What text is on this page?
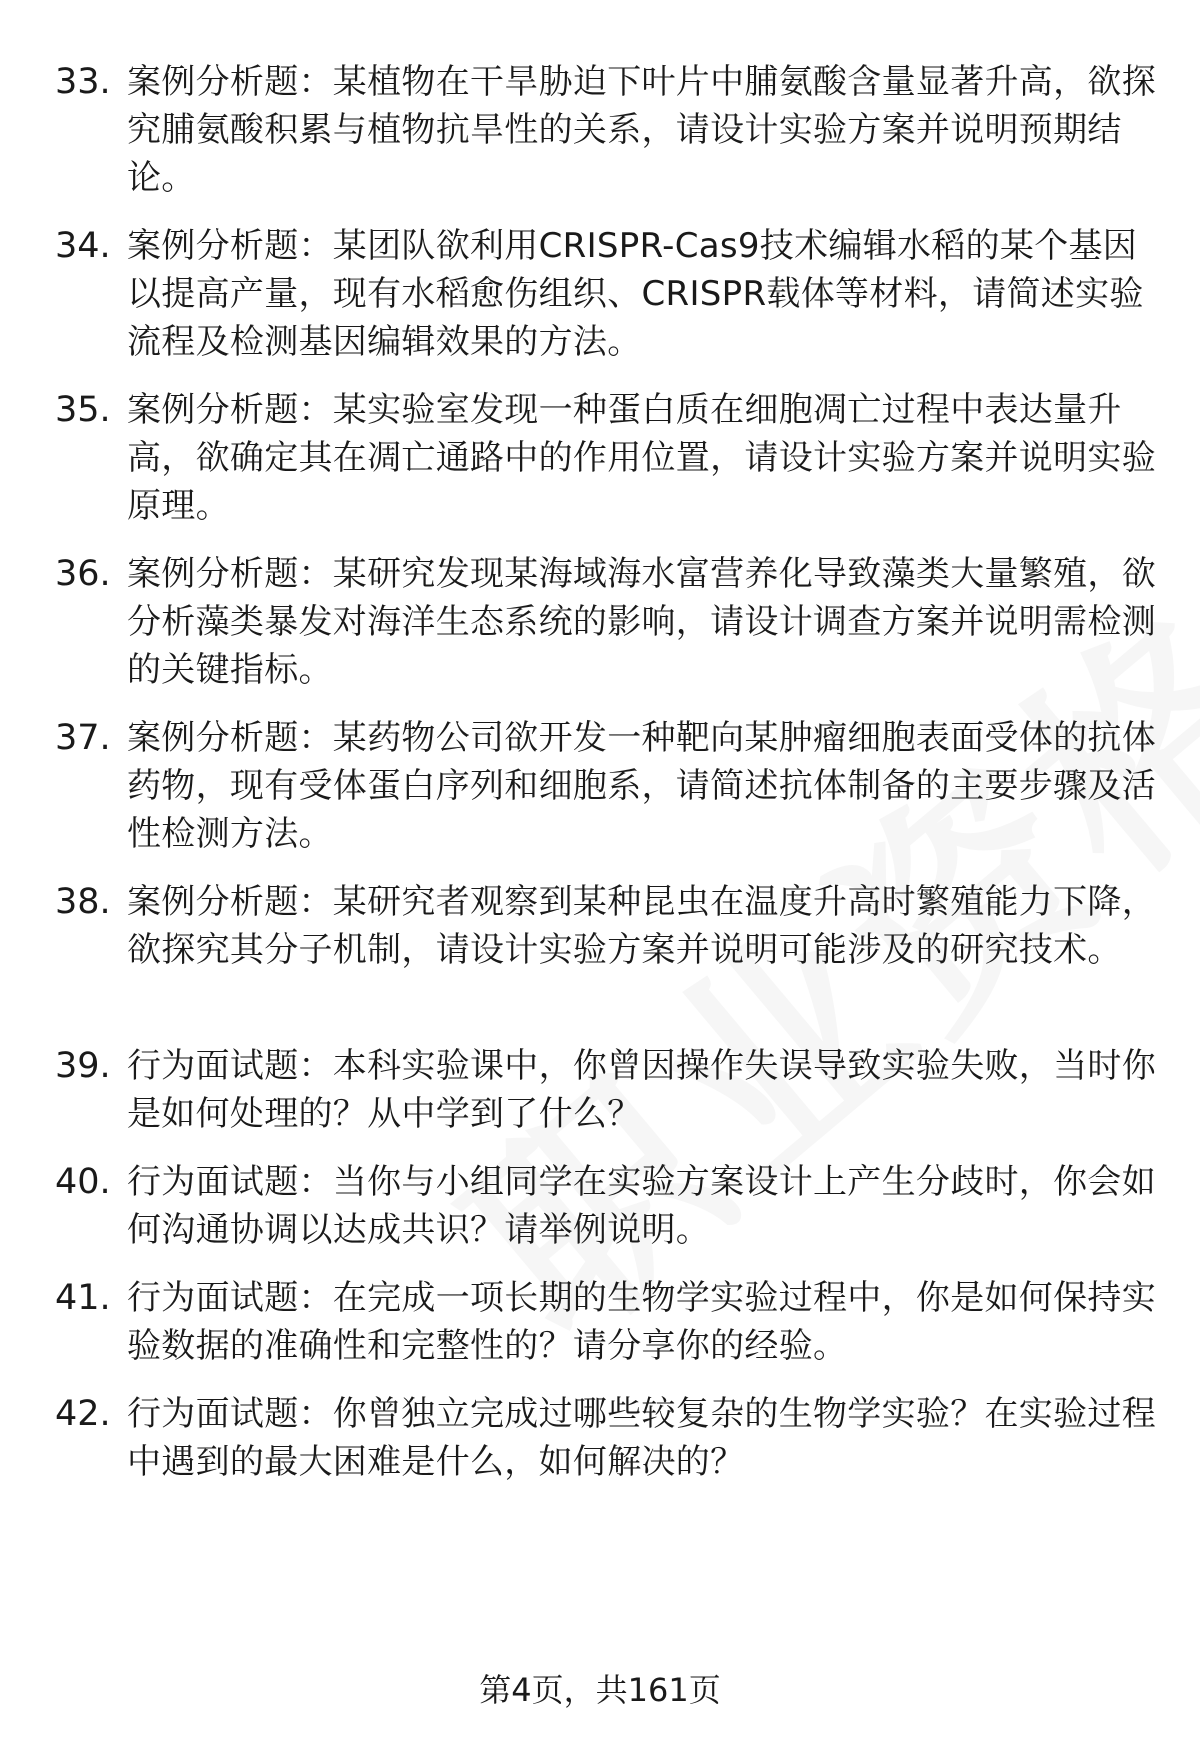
33. 案例分析题：某植物在干旱胁迫下叶片中脯氨酸含量显著升高，欲探究脯氨酸积累与植物抗旱性的关系，请设计实验方案并说明预期结论。
34. 案例分析题：某团队欲利用CRISPR-Cas9技术编辑水稻的某个基因以提高产量，现有水稻愈伤组织、CRISPR载体等材料，请简述实验流程及检测基因编辑效果的方法。
35. 案例分析题：某实验室发现一种蛋白质在细胞凋亡过程中表达量升高，欲确定其在凋亡通路中的作用位置，请设计实验方案并说明实验原理。
36. 案例分析题：某研究发现某海域海水富营养化导致藻类大量繁殖，欲分析藻类暴发对海洋生态系统的影响，请设计调查方案并说明需检测的关键指标。
37. 案例分析题：某药物公司欲开发一种靶向某肿瘤细胞表面受体的抗体药物，现有受体蛋白序列和细胞系，请简述抗体制备的主要步骤及活性检测方法。
38. 案例分析题：某研究者观察到某种昆虫在温度升高时繁殖能力下降，欲探究其分子机制，请设计实验方案并说明可能涉及的研究技术。
39. 行为面试题：本科实验课中，你曾因操作失误导致实验失败，当时你是如何处理的？从中学到了什么？
40. 行为面试题：当你与小组同学在实验方案设计上产生分歧时，你会如何沟通协调以达成共识？请举例说明。
41. 行为面试题：在完成一项长期的生物学实验过程中，你是如何保持实验数据的准确性和完整性的？请分享你的经验。
42. 行为面试题：你曾独立完成过哪些较复杂的生物学实验？在实验过程中遇到的最大困难是什么，如何解决的？
第4页，共161页
